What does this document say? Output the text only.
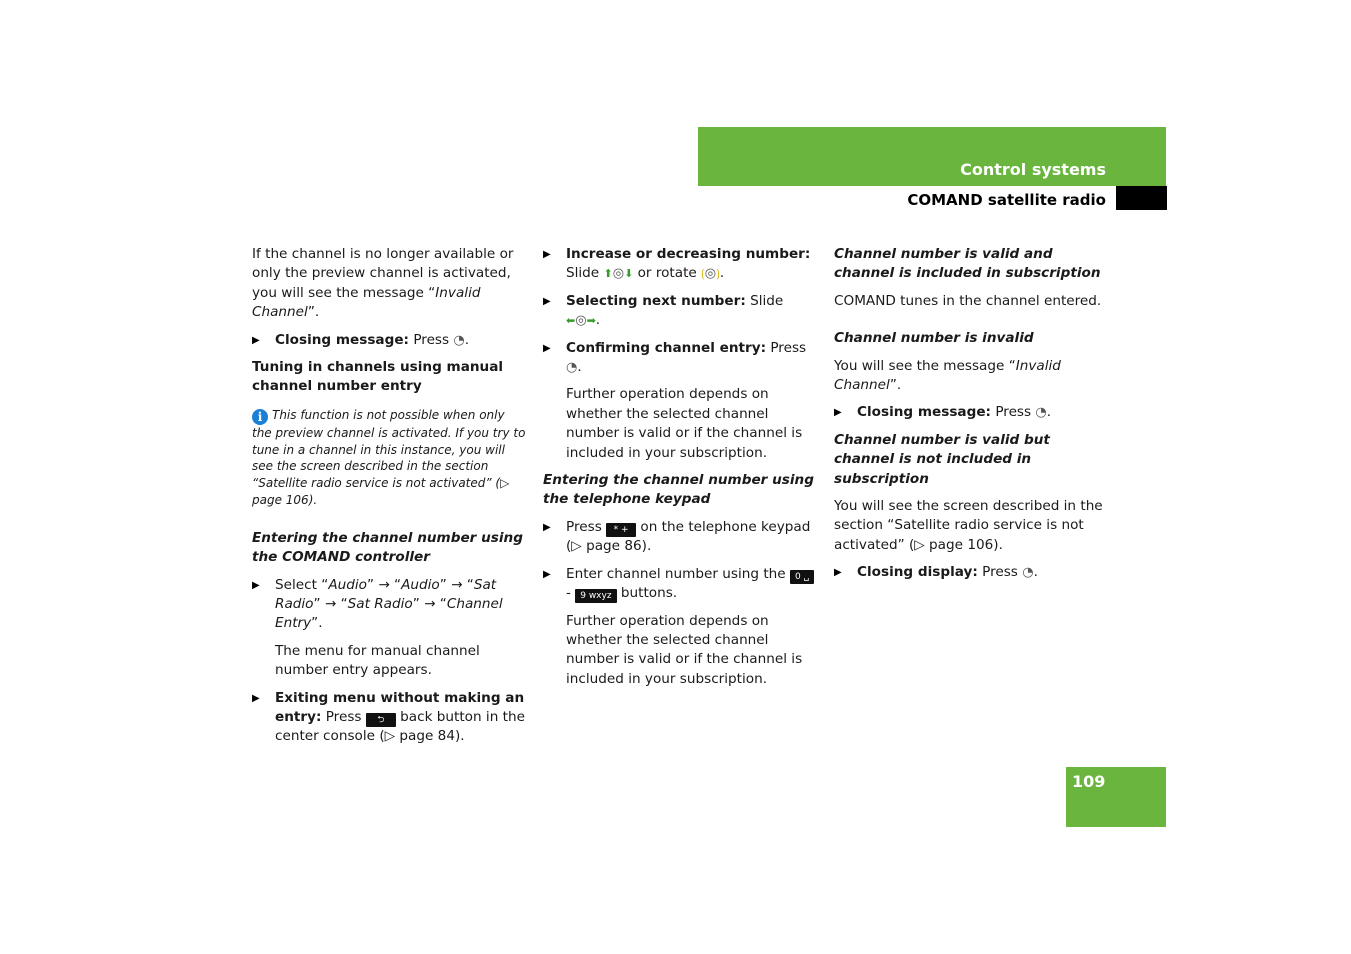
Control systems
COMAND satellite radio

If the channel is no longer available or only the preview channel is activated, you will see the message “Invalid Channel”.

▶ Closing message: Press ◔.

Tuning in channels using manual channel number entry

i This function is not possible when only the preview channel is activated. If you try to tune in a channel in this instance, you will see the screen described in the section “Satellite radio service is not activated” (▷ page 106).

Entering the channel number using the COMAND controller

▶ Select “Audio” → “Audio” → “Sat Radio” → “Sat Radio” → “Channel Entry”.

The menu for manual channel number entry appears.

▶ Exiting menu without making an entry: Press ⮌ back button in the center console (▷ page 84).

▶ Increase or decreasing number:
Slide ⬆◎⬇ or rotate ⟮◎⟯.

▶ Selecting next number: Slide ⬅◎➡.

▶ Confirming channel entry: Press ◔.

Further operation depends on whether the selected channel number is valid or if the channel is included in your subscription.

Entering the channel number using the telephone keypad

▶ Press * + on the telephone keypad (▷ page 86).

▶ Enter channel number using the 0 ␣ - 9 wxyz buttons.

Further operation depends on whether the selected channel number is valid or if the channel is included in your subscription.

Channel number is valid and channel is included in subscription

COMAND tunes in the channel entered.

Channel number is invalid

You will see the message “Invalid Channel”.

▶ Closing message: Press ◔.

Channel number is valid but channel is not included in subscription

You will see the screen described in the section “Satellite radio service is not activated” (▷ page 106).

▶ Closing display: Press ◔.

109
